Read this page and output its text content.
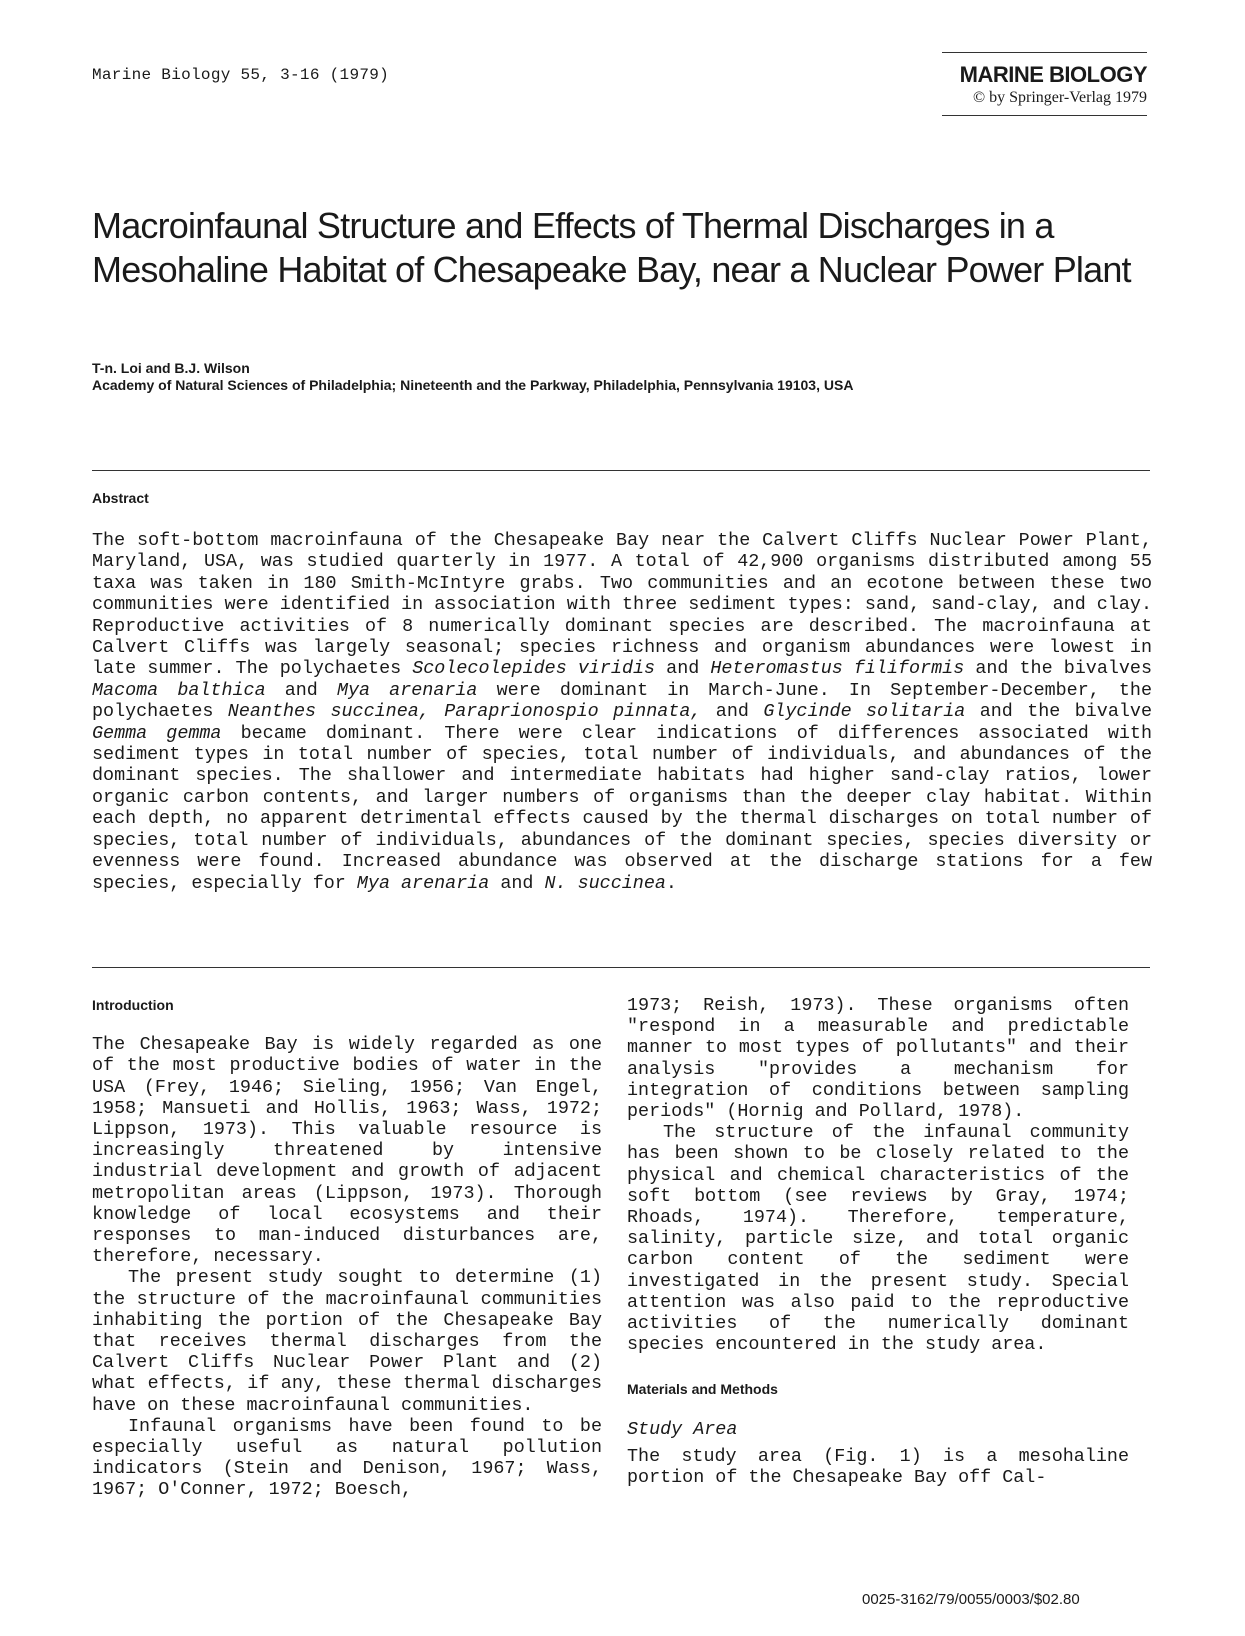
Marine Biology 55, 3-16 (1979)	MARINE BIOLOGY
© by Springer-Verlag 1979
Macroinfaunal Structure and Effects of Thermal Discharges in a Mesohaline Habitat of Chesapeake Bay, near a Nuclear Power Plant
T-n. Loi and B.J. Wilson
Academy of Natural Sciences of Philadelphia; Nineteenth and the Parkway, Philadelphia, Pennsylvania 19103, USA
Abstract

The soft-bottom macroinfauna of the Chesapeake Bay near the Calvert Cliffs Nuclear Power Plant, Maryland, USA, was studied quarterly in 1977. A total of 42,900 organisms distributed among 55 taxa was taken in 180 Smith-McIntyre grabs. Two communities and an ecotone between these two communities were identified in association with three sediment types: sand, sand-clay, and clay. Reproductive activities of 8 numerically dominant species are described. The macroinfauna at Calvert Cliffs was largely seasonal; species richness and organism abundances were lowest in late summer. The polychaetes Scolecolepides viridis and Heteromastus filiformis and the bivalves Macoma balthica and Mya arenaria were dominant in March-June. In September-December, the polychaetes Neanthes succinea, Paraprionospio pinnata, and Glycinde solitaria and the bivalve Gemma gemma became dominant. There were clear indications of differences associated with sediment types in total number of species, total number of individuals, and abundances of the dominant species. The shallower and intermediate habitats had higher sand-clay ratios, lower organic carbon contents, and larger numbers of organisms than the deeper clay habitat. Within each depth, no apparent detrimental effects caused by the thermal discharges on total number of species, total number of individuals, abundances of the dominant species, species diversity or evenness were found. Increased abundance was observed at the discharge stations for a few species, especially for Mya arenaria and N. succinea.

Introduction

The Chesapeake Bay is widely regarded as one of the most productive bodies of water in the USA (Frey, 1946; Sieling, 1956; Van Engel, 1958; Mansueti and Hollis, 1963; Wass, 1972; Lippson, 1973). This valuable resource is increasingly threatened by intensive industrial development and growth of adjacent metropolitan areas (Lippson, 1973). Thorough knowledge of local ecosystems and their responses to man-induced disturbances are, therefore, necessary.

The present study sought to determine (1) the structure of the macroinfaunal communities inhabiting the portion of the Chesapeake Bay that receives thermal discharges from the Calvert Cliffs Nuclear Power Plant and (2) what effects, if any, these thermal discharges have on these macroinfaunal communities.

Infaunal organisms have been found to be especially useful as natural pollution indicators (Stein and Denison, 1967; Wass, 1967; O'Conner, 1972; Boesch,

1973; Reish, 1973). These organisms often "respond in a measurable and predictable manner to most types of pollutants" and their analysis "provides a mechanism for integration of conditions between sampling periods" (Hornig and Pollard, 1978).

The structure of the infaunal community has been shown to be closely related to the physical and chemical characteristics of the soft bottom (see reviews by Gray, 1974; Rhoads, 1974). Therefore, temperature, salinity, particle size, and total organic carbon content of the sediment were investigated in the present study. Special attention was also paid to the reproductive activities of the numerically dominant species encountered in the study area.

Materials and Methods
Study Area

The study area (Fig. 1) is a mesohaline portion of the Chesapeake Bay off Cal-

0025-3162/79/0055/0003/$02.80
